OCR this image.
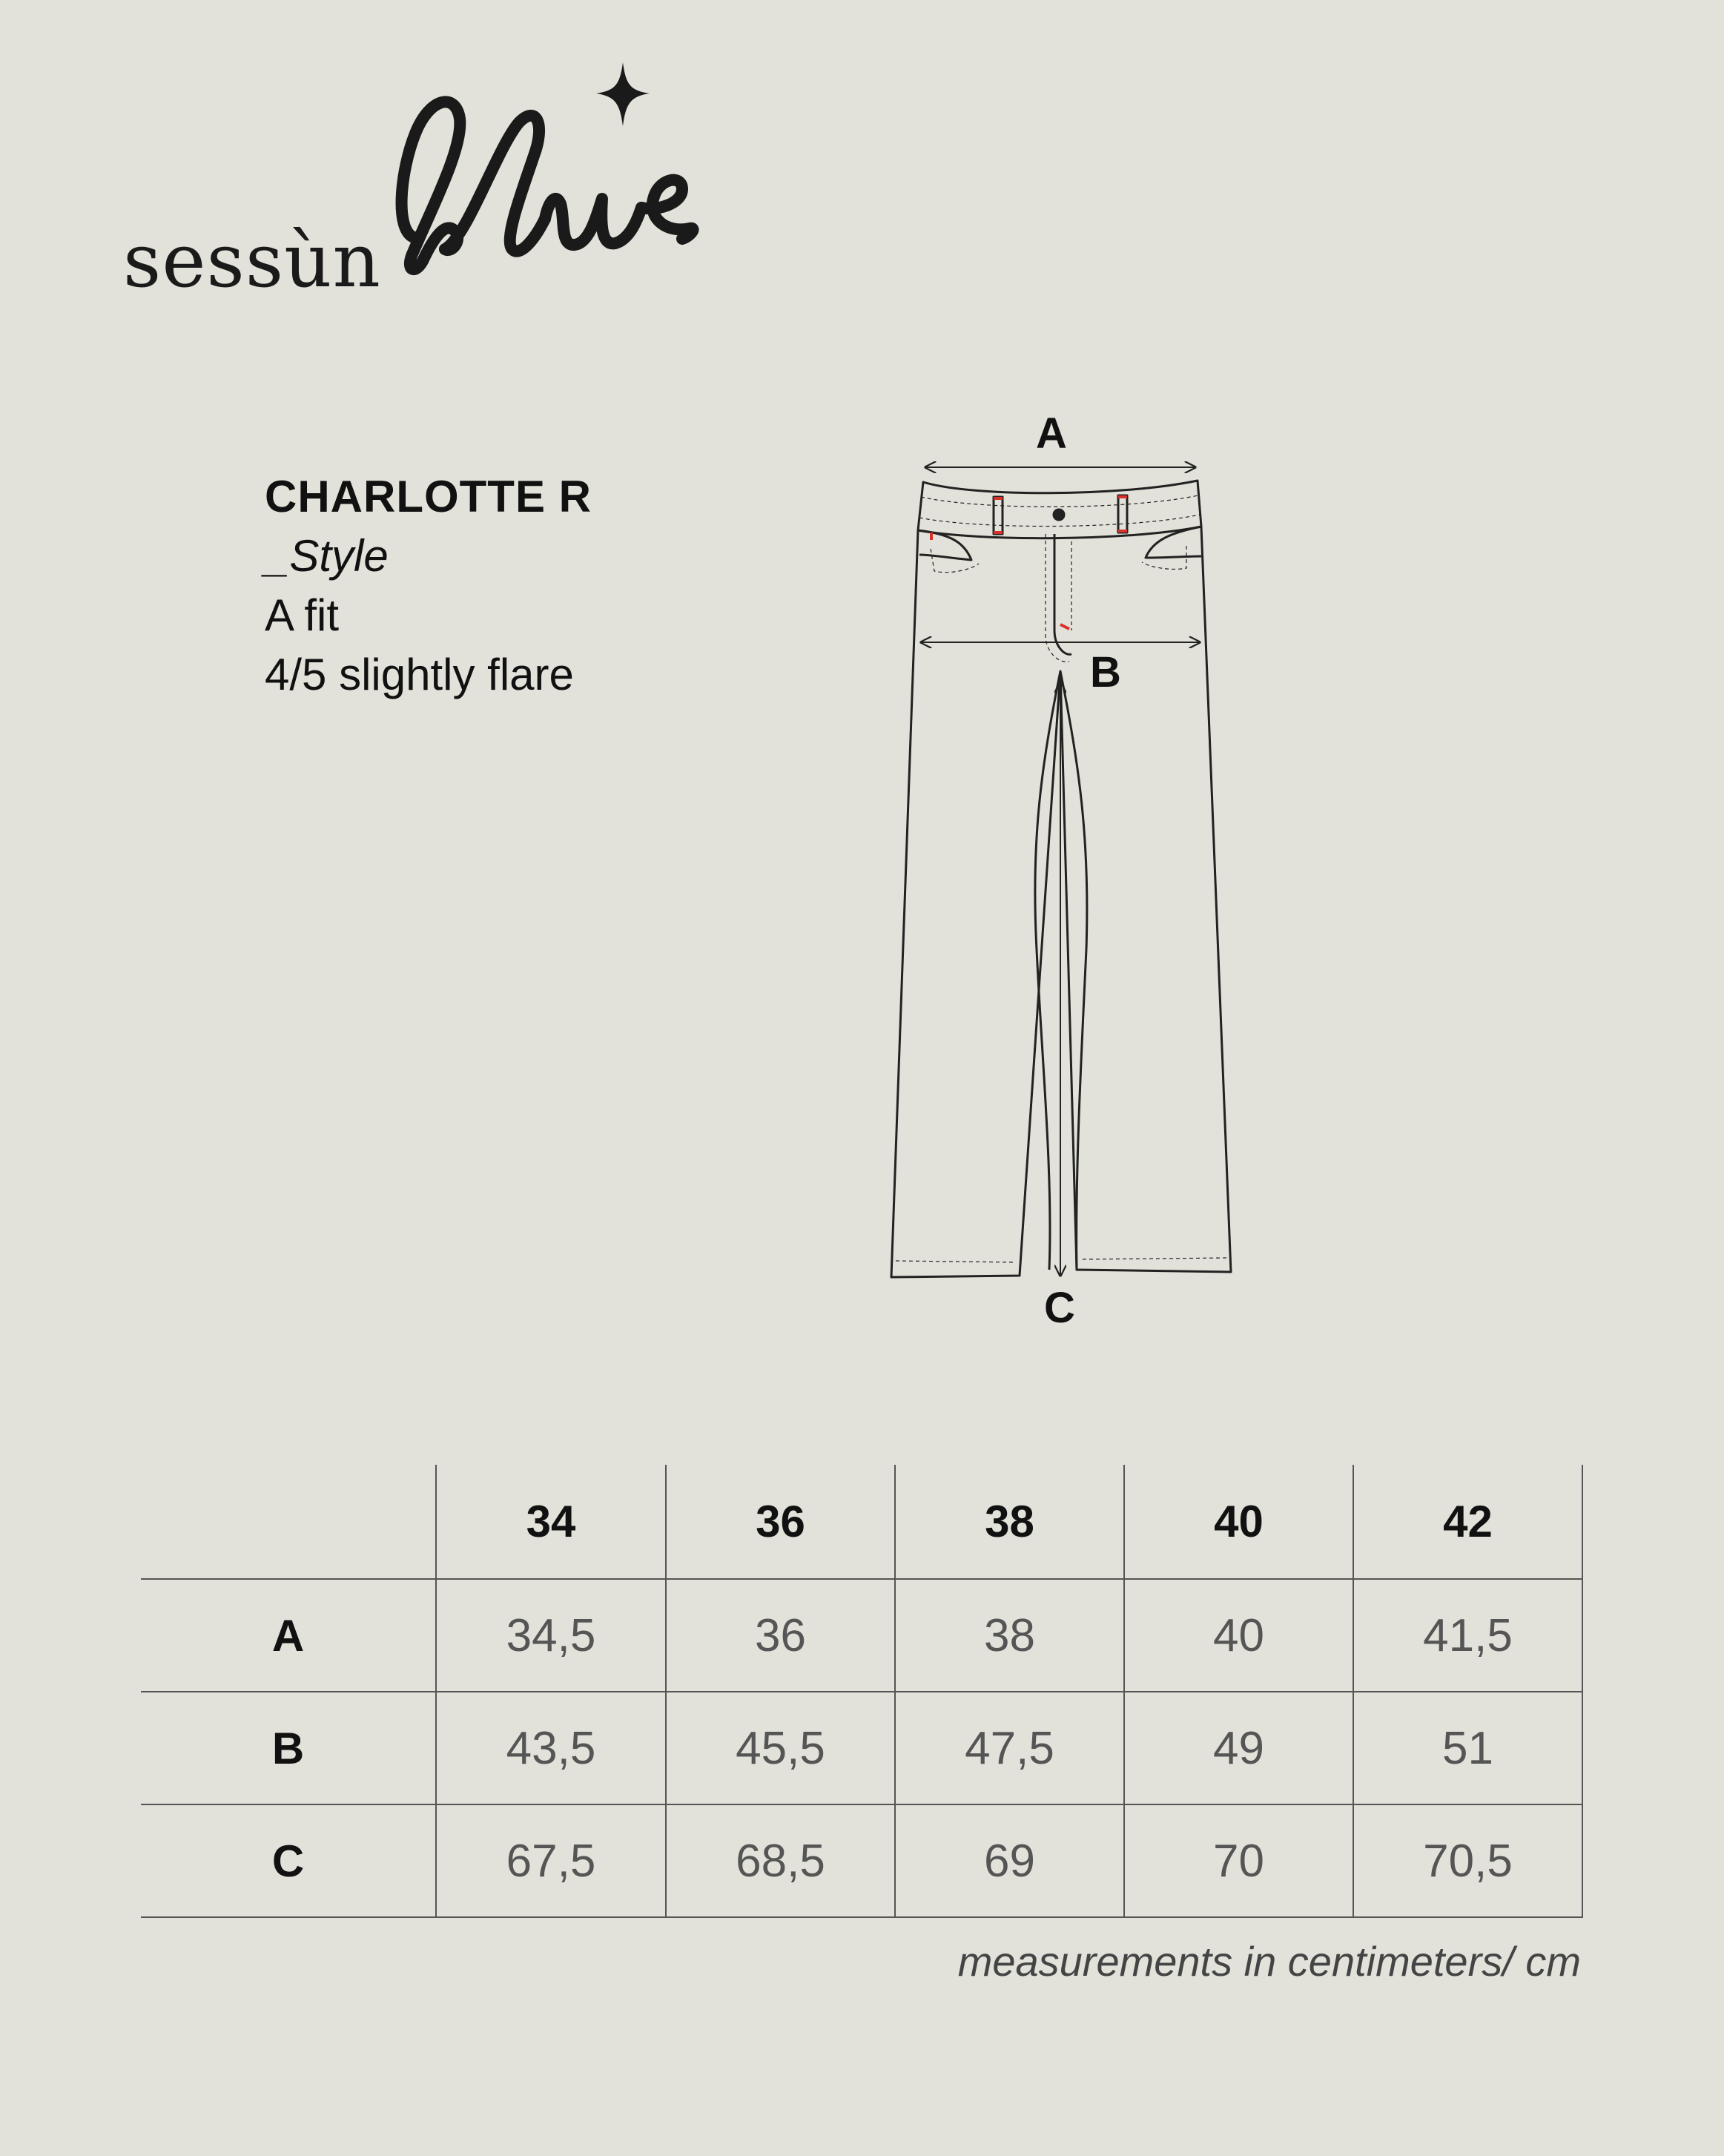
sessùn
CHARLOTTE R
_Style
A fit
4/5 slightly flare
A
B
C
	34	36	38	40	42
A	34,5	36	38	40	41,5
B	43,5	45,5	47,5	49	51
C	67,5	68,5	69	70	70,5
measurements in centimeters/ cm
